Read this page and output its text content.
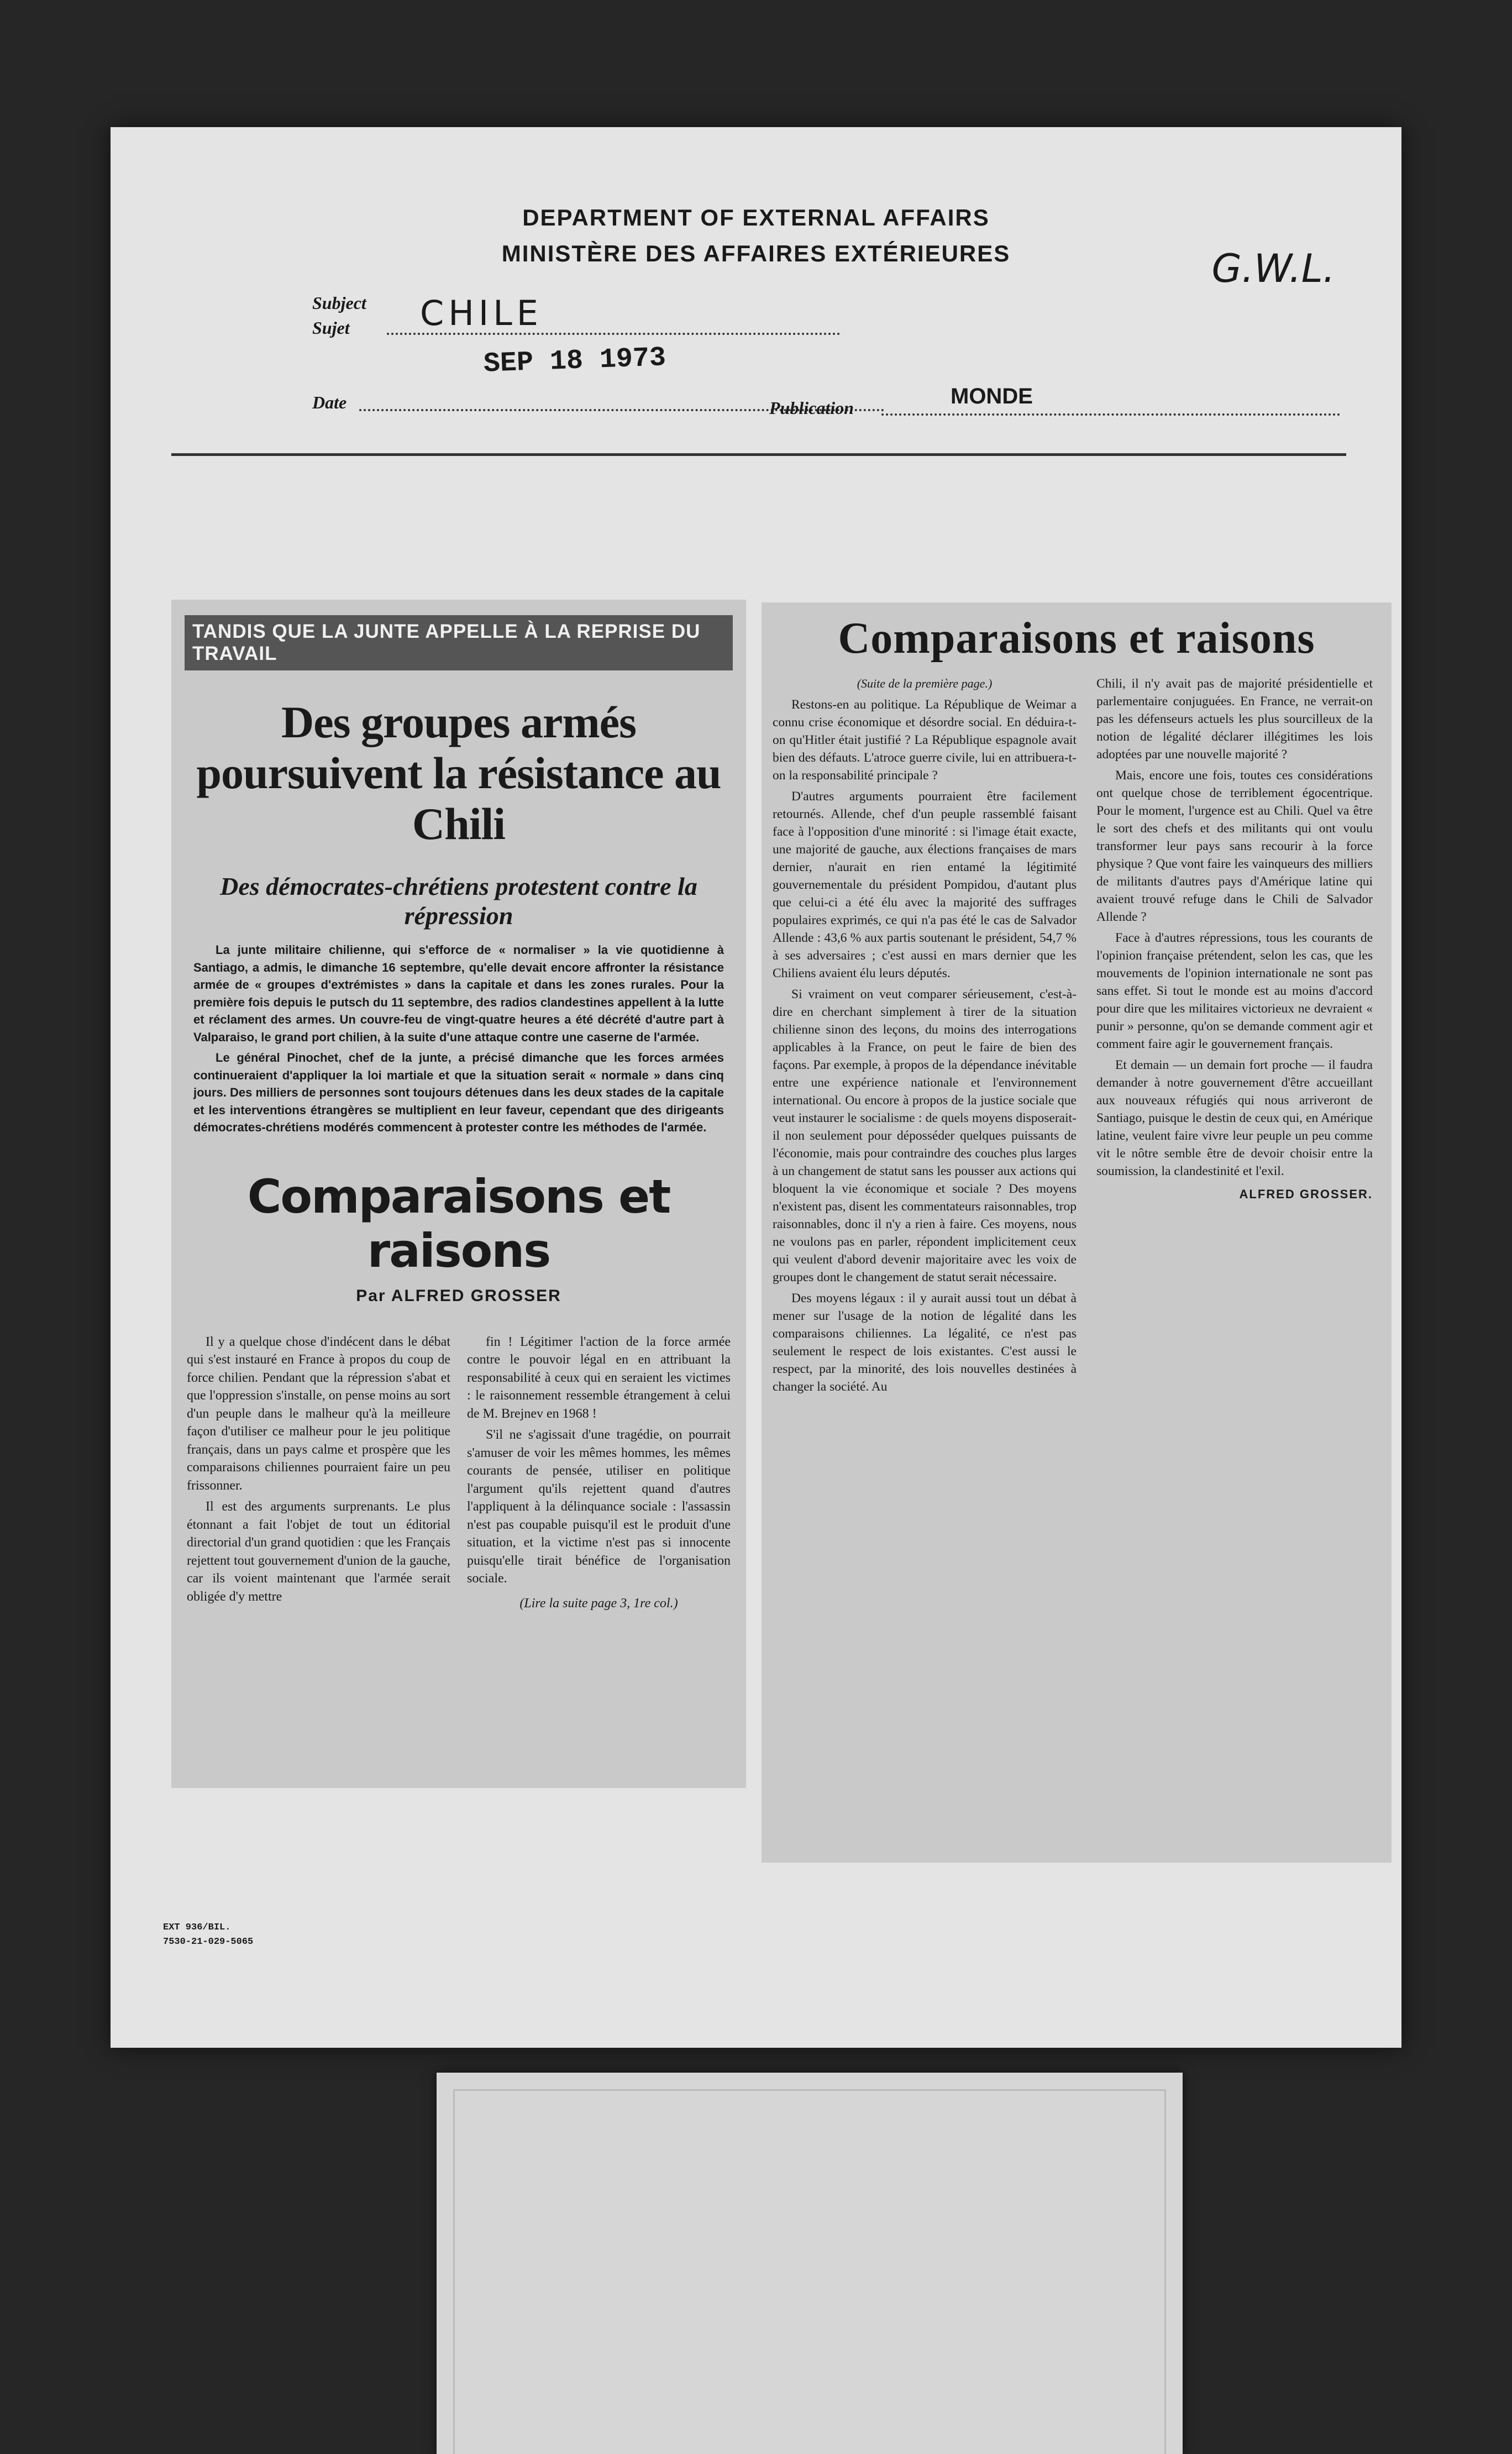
DEPARTMENT OF EXTERNAL AFFAIRS
MINISTÈRE DES AFFAIRES EXTÉRIEURES	G.W.L.
Subject
Sujet CHILE
SEP 18 1973
Date	Publication	MONDE
TANDIS QUE LA JUNTE APPELLE À LA REPRISE DU TRAVAIL
Des groupes armés poursuivent la résistance au Chili
Des démocrates-chrétiens protestent contre la répression

La junte militaire chilienne, qui s'efforce de « normaliser » la vie quotidienne à Santiago, a admis, le dimanche 16 septembre, qu'elle devait encore affronter la résistance armée de « groupes d'extrémistes » dans la capitale et dans les zones rurales. Pour la première fois depuis le putsch du 11 septembre, des radios clandestines appellent à la lutte et réclament des armes. Un couvre-feu de vingt-quatre heures a été décrété d'autre part à Valparaiso, le grand port chilien, à la suite d'une attaque contre une caserne de l'armée.

Le général Pinochet, chef de la junte, a précisé dimanche que les forces armées continueraient d'appliquer la loi martiale et que la situation serait « normale » dans cinq jours. Des milliers de personnes sont toujours détenues dans les deux stades de la capitale et les interventions étrangères se multiplient en leur faveur, cependant que des dirigeants démocrates-chrétiens modérés commencent à protester contre les méthodes de l'armée.

Comparaisons et raisons
Par ALFRED GROSSER

Il y a quelque chose d'indécent dans le débat qui s'est instauré en France à propos du coup de force chilien. Pendant que la répression s'abat et que l'oppression s'installe, on pense moins au sort d'un peuple dans le malheur qu'à la meilleure façon d'utiliser ce malheur pour le jeu politique français, dans un pays calme et prospère que les comparaisons chiliennes pourraient faire un peu frissonner.

Il est des arguments surprenants. Le plus étonnant a fait l'objet de tout un éditorial directorial d'un grand quotidien : que les Français rejettent tout gouvernement d'union de la gauche, car ils voient maintenant que l'armée serait obligée d'y mettre

fin ! Légitimer l'action de la force armée contre le pouvoir légal en en attribuant la responsabilité à ceux qui en seraient les victimes : le raisonnement ressemble étrangement à celui de M. Brejnev en 1968 !

S'il ne s'agissait d'une tragédie, on pourrait s'amuser de voir les mêmes hommes, les mêmes courants de pensée, utiliser en politique l'argument qu'ils rejettent quand d'autres l'appliquent à la délinquance sociale : l'assassin n'est pas coupable puisqu'il est le produit d'une situation, et la victime n'est pas si innocente puisqu'elle tirait bénéfice de l'organisation sociale.

(Lire la suite page 3, 1re col.)
Comparaisons et raisons
(Suite de la première page.)

Restons-en au politique. La République de Weimar a connu crise économique et désordre social. En déduira-t-on qu'Hitler était justifié ? La République espagnole avait bien des défauts. L'atroce guerre civile, lui en attribuera-t-on la responsabilité principale ?

D'autres arguments pourraient être facilement retournés. Allende, chef d'un peuple rassemblé faisant face à l'opposition d'une minorité : si l'image était exacte, une majorité de gauche, aux élections françaises de mars dernier, n'aurait en rien entamé la légitimité gouvernementale du président Pompidou, d'autant plus que celui-ci a été élu avec la majorité des suffrages populaires exprimés, ce qui n'a pas été le cas de Salvador Allende : 43,6 % aux partis soutenant le président, 54,7 % à ses adversaires ; c'est aussi en mars dernier que les Chiliens avaient élu leurs députés.

Si vraiment on veut comparer sérieusement, c'est-à-dire en cherchant simplement à tirer de la situation chilienne sinon des leçons, du moins des interrogations applicables à la France, on peut le faire de bien des façons. Par exemple, à propos de la dépendance inévitable entre une expérience nationale et l'environnement international. Ou encore à propos de la justice sociale que veut instaurer le socialisme : de quels moyens disposerait-il non seulement pour déposséder quelques puissants de l'économie, mais pour contraindre des couches plus larges à un changement de statut sans les pousser aux actions qui bloquent la vie économique et sociale ? Des moyens n'existent pas, disent les commentateurs raisonnables, trop raisonnables, donc il n'y a rien à faire. Ces moyens, nous ne voulons pas en parler, répondent implicitement ceux qui veulent d'abord devenir majoritaire avec les voix de groupes dont le changement de statut serait nécessaire.

Des moyens légaux : il y aurait aussi tout un débat à mener sur l'usage de la notion de légalité dans les comparaisons chiliennes. La légalité, ce n'est pas seulement le respect de lois existantes. C'est aussi le respect, par la minorité, des lois nouvelles destinées à changer la société. Au

Chili, il n'y avait pas de majorité présidentielle et parlementaire conjuguées. En France, ne verrait-on pas les défenseurs actuels les plus sourcilleux de la notion de légalité déclarer illégitimes les lois adoptées par une nouvelle majorité ?

Mais, encore une fois, toutes ces considérations ont quelque chose de terriblement égocentrique. Pour le moment, l'urgence est au Chili. Quel va être le sort des chefs et des militants qui ont voulu transformer leur pays sans recourir à la force physique ? Que vont faire les vainqueurs des milliers de militants d'autres pays d'Amérique latine qui avaient trouvé refuge dans le Chili de Salvador Allende ?

Face à d'autres répressions, tous les courants de l'opinion française prétendent, selon les cas, que les mouvements de l'opinion internationale ne sont pas sans effet. Si tout le monde est au moins d'accord pour dire que les militaires victorieux ne devraient « punir » personne, qu'on se demande comment agir et comment faire agir le gouvernement français.

Et demain — un demain fort proche — il faudra demander à notre gouvernement d'être accueillant aux nouveaux réfugiés qui nous arriveront de Santiago, puisque le destin de ceux qui, en Amérique latine, veulent faire vivre leur peuple un peu comme vit le nôtre semble être de devoir choisir entre la soumission, la clandestinité et l'exil.

ALFRED GROSSER.
EXT 936/BIL.
7530-21-029-5065
